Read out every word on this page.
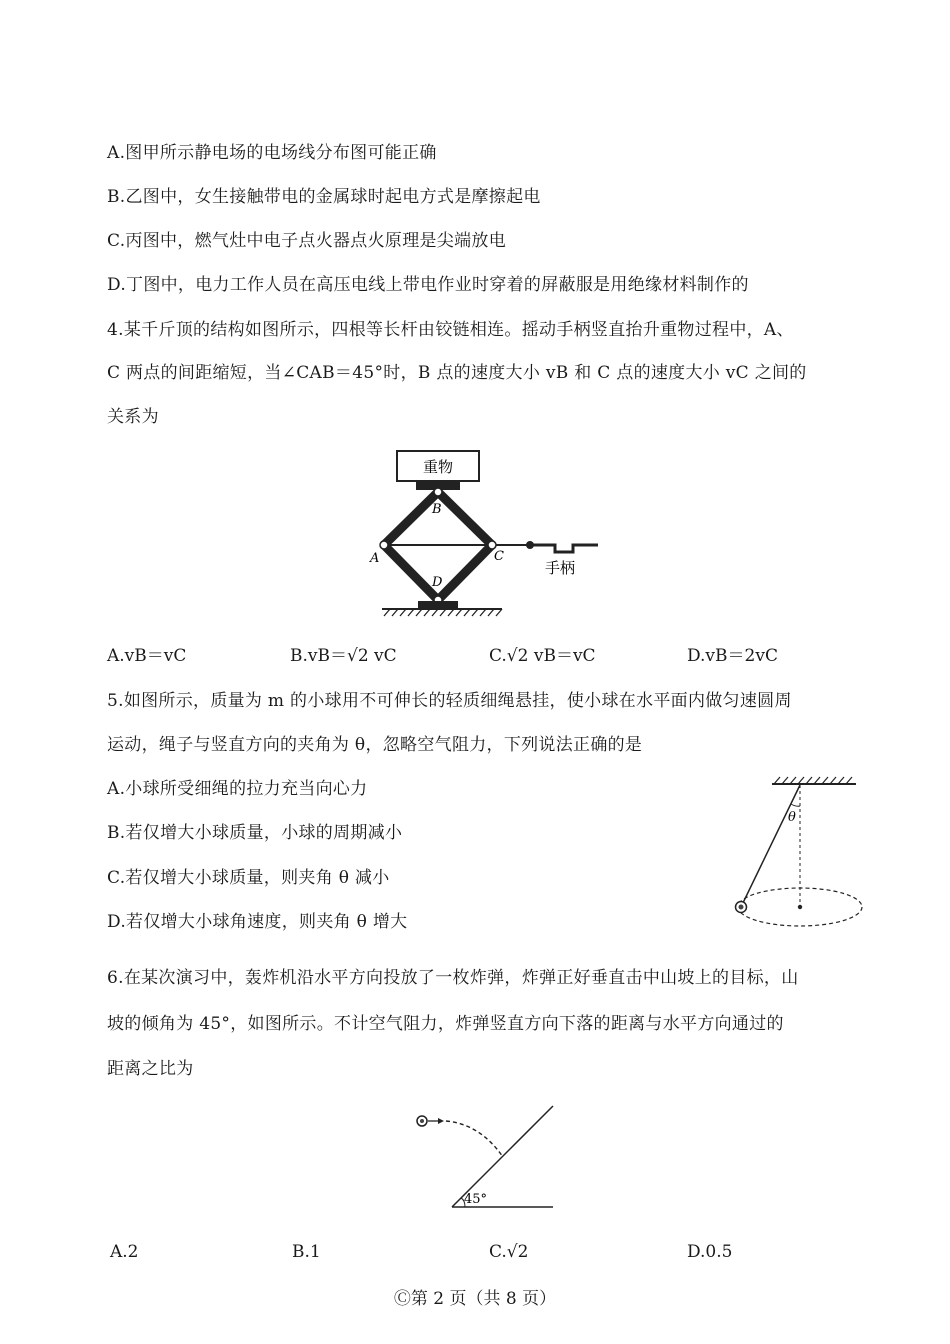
A.图甲所示静电场的电场线分布图可能正确
B.乙图中，女生接触带电的金属球时起电方式是摩擦起电
C.丙图中，燃气灶中电子点火器点火原理是尖端放电
D.丁图中，电力工作人员在高压电线上带电作业时穿着的屏蔽服是用绝缘材料制作的
4.某千斤顶的结构如图所示，四根等长杆由铰链相连。摇动手柄竖直抬升重物过程中，A、
C 两点的间距缩短，当∠CAB＝45°时，B 点的速度大小 vB 和 C 点的速度大小 vC 之间的
关系为
重物
手柄
B
A	C
D
A.vB＝vC	B.vB＝√2 vC	C.√2 vB＝vC	D.vB＝2vC
5.如图所示，质量为 m 的小球用不可伸长的轻质细绳悬挂，使小球在水平面内做匀速圆周
运动，绳子与竖直方向的夹角为 θ，忽略空气阻力，下列说法正确的是
A.小球所受细绳的拉力充当向心力
B.若仅增大小球质量，小球的周期减小
C.若仅增大小球质量，则夹角 θ 减小
D.若仅增大小球角速度，则夹角 θ 增大
θ
6.在某次演习中，轰炸机沿水平方向投放了一枚炸弹，炸弹正好垂直击中山坡上的目标，山
坡的倾角为 45°，如图所示。不计空气阻力，炸弹竖直方向下落的距离与水平方向通过的
距离之比为
45°
A.2	B.1	C.√2	D.0.5
Ⓒ第 2 页（共 8 页）
